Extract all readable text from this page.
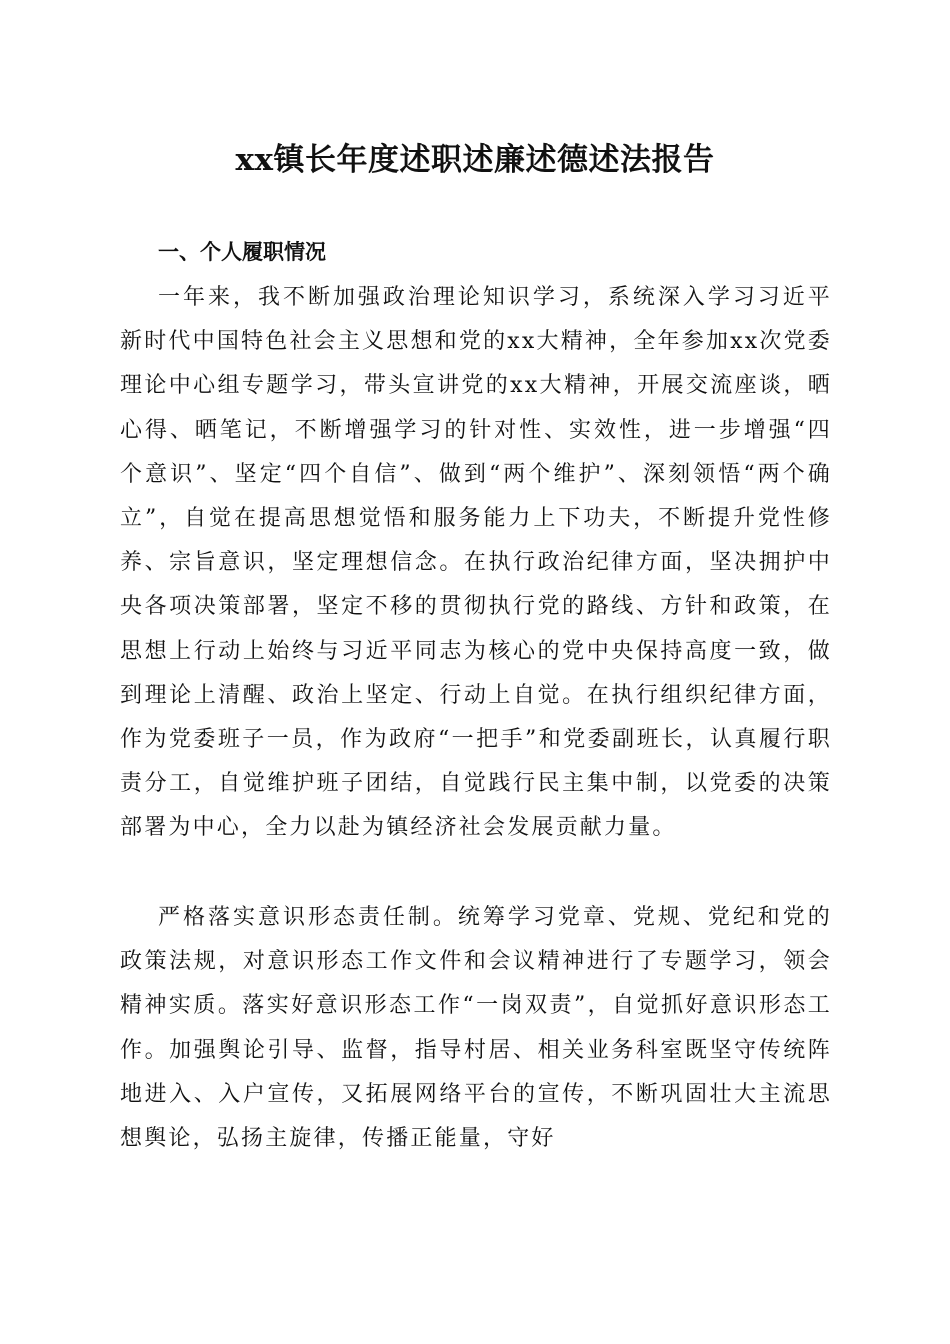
xx镇长年度述职述廉述德述法报告
一、个人履职情况

一年来，我不断加强政治理论知识学习，系统深入学习习近平新时代中国特色社会主义思想和党的xx大精神，全年参加xx次党委理论中心组专题学习，带头宣讲党的xx大精神，开展交流座谈，晒心得、晒笔记，不断增强学习的针对性、实效性，进一步增强“四个意识”、坚定“四个自信”、做到“两个维护”、深刻领悟“两个确立”，自觉在提高思想觉悟和服务能力上下功夫，不断提升党性修养、宗旨意识，坚定理想信念。在执行政治纪律方面，坚决拥护中央各项决策部署，坚定不移的贯彻执行党的路线、方针和政策，在思想上行动上始终与习近平同志为核心的党中央保持高度一致，做到理论上清醒、政治上坚定、行动上自觉。在执行组织纪律方面，作为党委班子一员，作为政府“一把手”和党委副班长，认真履行职责分工，自觉维护班子团结，自觉践行民主集中制，以党委的决策部署为中心，全力以赴为镇经济社会发展贡献力量。

严格落实意识形态责任制。统筹学习党章、党规、党纪和党的政策法规，对意识形态工作文件和会议精神进行了专题学习，领会精神实质。落实好意识形态工作“一岗双责”，自觉抓好意识形态工作。加强舆论引导、监督，指导村居、相关业务科室既坚守传统阵地进入、入户宣传，又拓展网络平台的宣传，不断巩固壮大主流思想舆论，弘扬主旋律，传播正能量，守好
